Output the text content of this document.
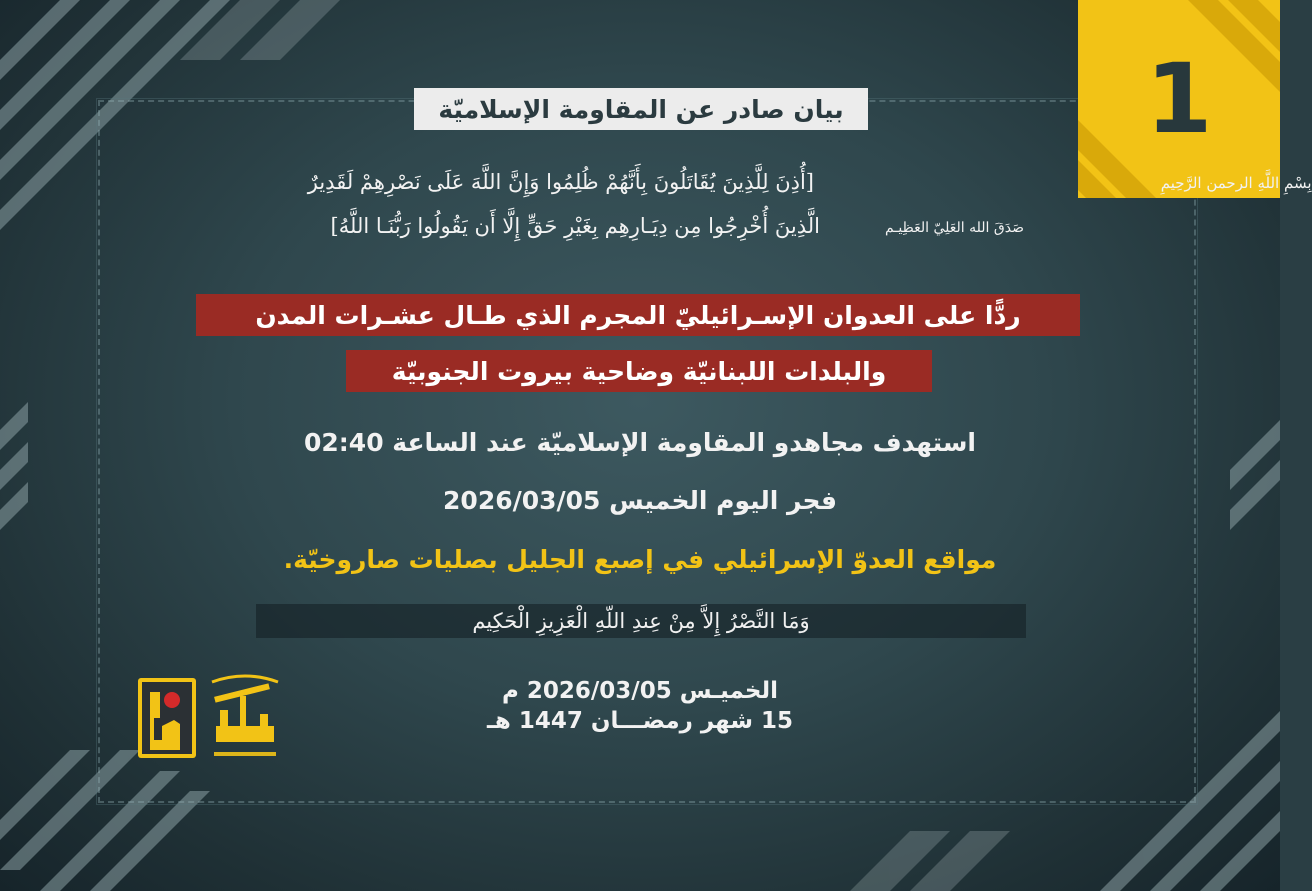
1
بيان صادر عن المقاومة الإسلاميّة
بِسْمِ اللَّهِ الرحمن الرَّحِيمِ
[أُذِنَ لِلَّذِينَ يُقَاتَلُونَ بِأَنَّهُمْ ظُلِمُوا وَإِنَّ اللَّهَ عَلَى نَصْرِهِمْ لَقَدِيرٌ
صَدَقَ الله العَلِيّ العَظِيـم
الَّذِينَ أُخْرِجُوا مِن دِيَـارِهِم بِغَيْرِ حَقٍّ إِلَّا أَن يَقُولُوا رَبُّنَـا اللَّهُ]
ردًّا على العدوان الإسـرائيليّ المجرم الذي طـال عشـرات المدن
والبلدات اللبنانيّة وضاحية بيروت الجنوبيّة
استهدف مجاهدو المقاومة الإسلاميّة عند الساعة 02:40
فجر اليوم الخميس 2026/03/05
مواقع العدوّ الإسرائيلي في إصبع الجليل بصليات صاروخيّة.
وَمَا النَّصْرُ إِلاَّ مِنْ عِندِ اللّهِ الْعَزِيزِ الْحَكِيم
الخميـس 2026/03/05 م
15 شهر رمضـــان 1447 هـ
